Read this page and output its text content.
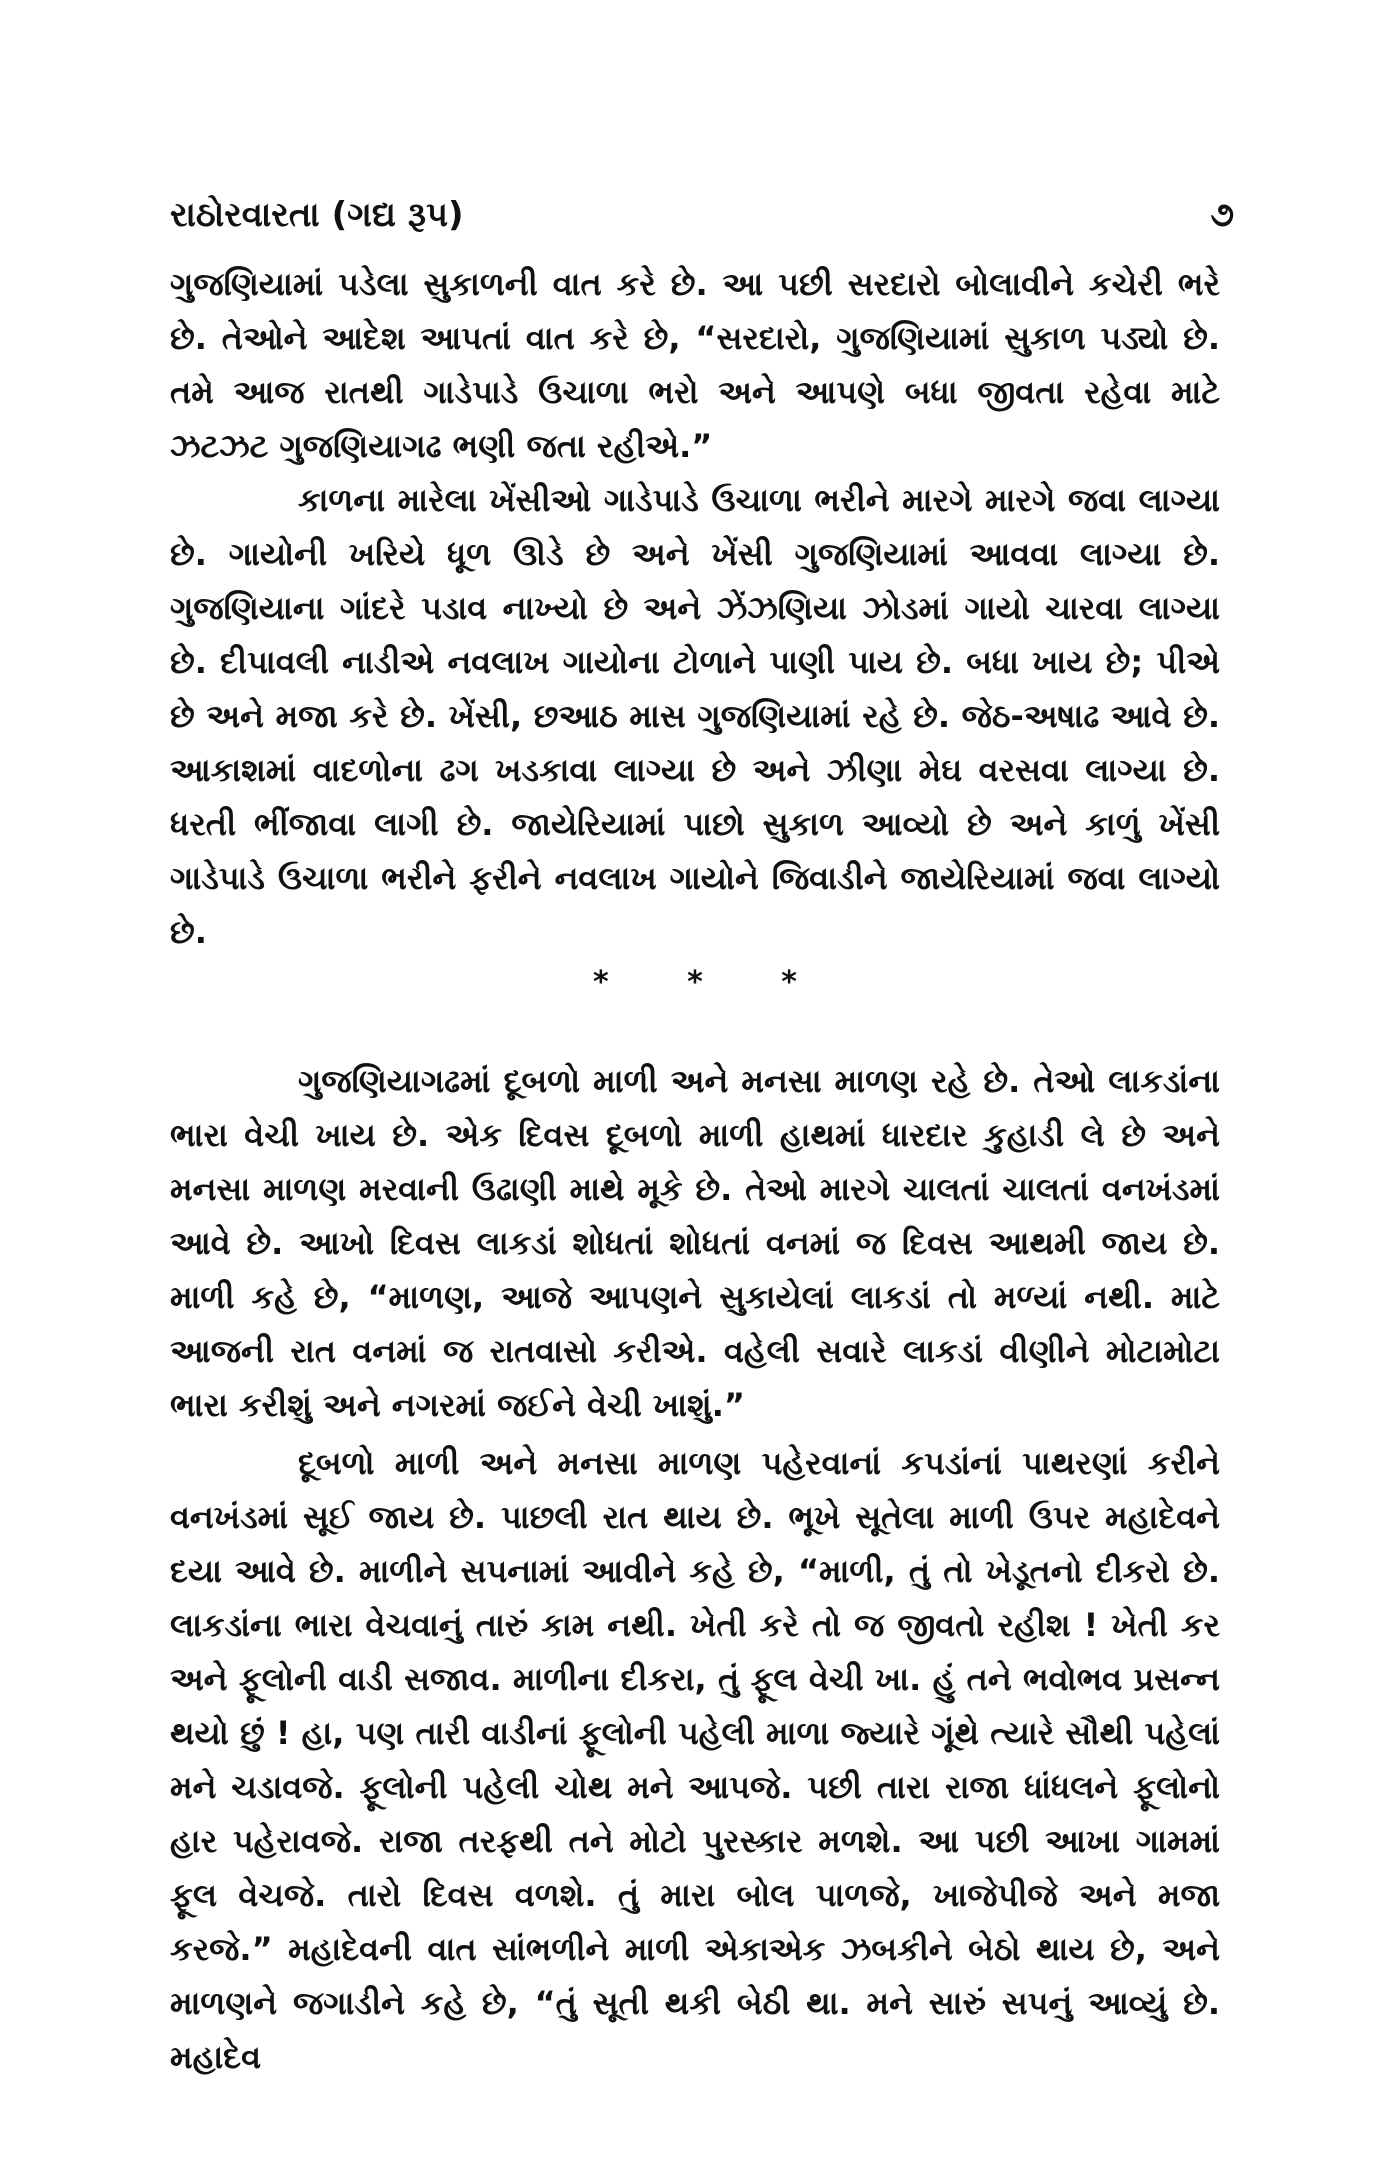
રાઠોરવારતા (ગદ્ય રૂપ)	૭

ગુજણિયામાં પડેલા સુકાળની વાત કરે છે. આ પછી સરદારો બોલાવીને કચેરી ભરે છે. તેઓને આદેશ આપતાં વાત કરે છે, “સરદારો, ગુજણિયામાં સુકાળ પડ્યો છે. તમે આજ રાતથી ગાડેપાડે ઉચાળા ભરો અને આપણે બધા જીવતા રહેવા માટે ઝટઝટ ગુજણિયાગઢ ભણી જતા રહીએ.”

કાળના મારેલા ખેંસીઓ ગાડેપાડે ઉચાળા ભરીને મારગે મારગે જવા લાગ્યા છે. ગાયોની ખરિયે ધૂળ ઊડે છે અને ખેંસી ગુજણિયામાં આવવા લાગ્યા છે. ગુજણિયાના ગાંદરે પડાવ નાખ્યો છે અને ઝેંઝણિયા ઝોડમાં ગાયો ચારવા લાગ્યા છે. દીપાવલી નાડીએ નવલાખ ગાયોના ટોળાને પાણી પાય છે. બધા ખાય છે; પીએ છે અને મજા કરે છે. ખેંસી, છઆઠ માસ ગુજણિયામાં રહે છે. જેઠ-અષાઢ આવે છે. આકાશમાં વાદળોના ઢગ ખડકાવા લાગ્યા છે અને ઝીણા મેઘ વરસવા લાગ્યા છે. ધરતી ભીંજાવા લાગી છે. જાયેરિયામાં પાછો સુકાળ આવ્યો છે અને કાળું ખેંસી ગાડેપાડે ઉચાળા ભરીને ફરીને નવલાખ ગાયોને જિવાડીને જાયેરિયામાં જવા લાગ્યો છે.

* * *

ગુજણિયાગઢમાં દૂબળો માળી અને મનસા માળણ રહે છે. તેઓ લાકડાંના ભારા વેચી ખાય છે. એક દિવસ દૂબળો માળી હાથમાં ધારદાર કુહાડી લે છે અને મનસા માળણ મરવાની ઉઢાણી માથે મૂકે છે. તેઓ મારગે ચાલતાં ચાલતાં વનખંડમાં આવે છે. આખો દિવસ લાકડાં શોધતાં શોધતાં વનમાં જ દિવસ આથમી જાય છે. માળી કહે છે, “માળણ, આજે આપણને સુકાયેલાં લાકડાં તો મળ્યાં નથી. માટે આજની રાત વનમાં જ રાતવાસો કરીએ. વહેલી સવારે લાકડાં વીણીને મોટામોટા ભારા કરીશું અને નગરમાં જઈને વેચી ખાશું.”

દૂબળો માળી અને મનસા માળણ પહેરવાનાં કપડાંનાં પાથરણાં કરીને વનખંડમાં સૂઈ જાય છે. પાછલી રાત થાય છે. ભૂખે સૂતેલા માળી ઉપર મહાદેવને દયા આવે છે. માળીને સપનામાં આવીને કહે છે, “માળી, તું તો ખેડૂતનો દીકરો છે. લાકડાંના ભારા વેચવાનું તારું કામ નથી. ખેતી કરે તો જ જીવતો રહીશ ! ખેતી કર અને ફૂલોની વાડી સજાવ. માળીના દીકરા, તું ફૂલ વેચી ખા. હું તને ભવોભવ પ્રસન્ન થયો છું ! હા, પણ તારી વાડીનાં ફૂલોની પહેલી માળા જ્યારે ગૂંથે ત્યારે સૌથી પહેલાં મને ચડાવજે. ફૂલોની પહેલી ચોથ મને આપજે. પછી તારા રાજા ધાંધલને ફૂલોનો હાર પહેરાવજે. રાજા તરફથી તને મોટો પુરસ્કાર મળશે. આ પછી આખા ગામમાં ફૂલ વેચજે. તારો દિવસ વળશે. તું મારા બોલ પાળજે, ખાજેપીજે અને મજા કરજે.” મહાદેવની વાત સાંભળીને માળી એકાએક ઝબકીને બેઠો થાય છે, અને માળણને જગાડીને કહે છે, “તું સૂતી થકી બેઠી થા. મને સારું સપનું આવ્યું છે. મહાદેવ
